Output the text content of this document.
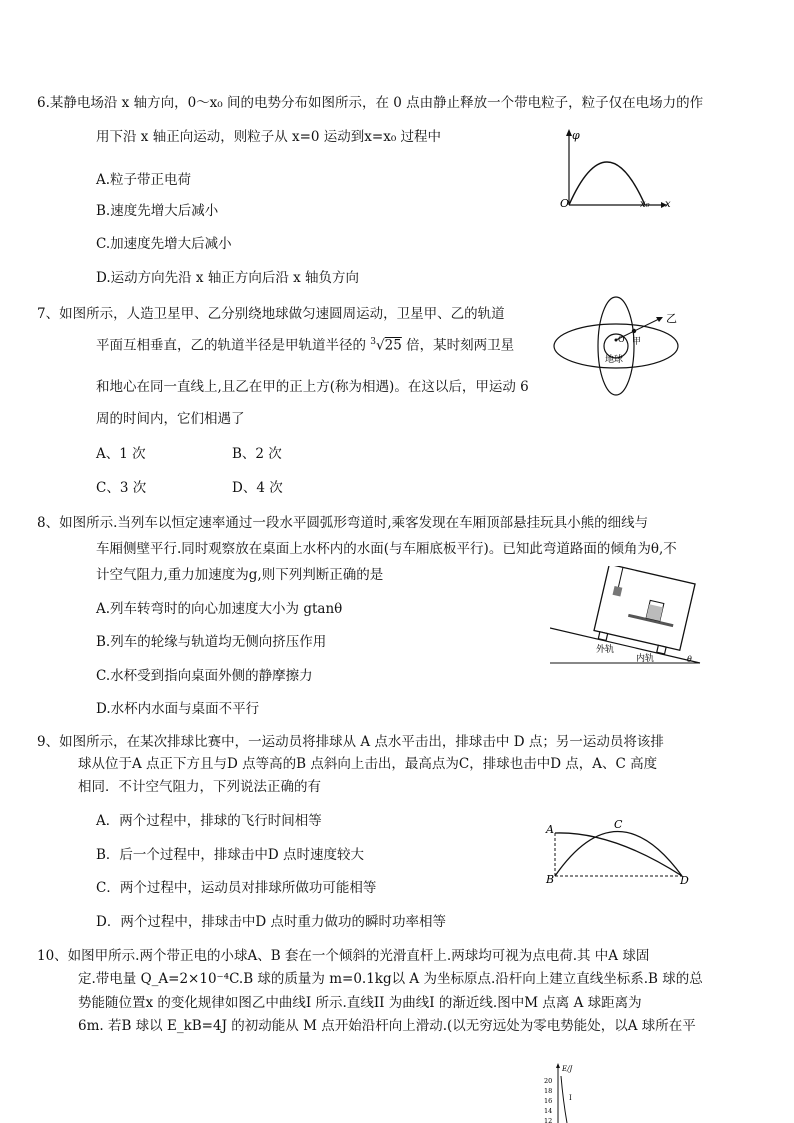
6.某静电场沿 x 轴方向，0～x₀ 间的电势分布如图所示，在 0 点由静止释放一个带电粒子，粒子仅在电场力的作
用下沿 x 轴正向运动，则粒子从 x=0 运动到x=x₀ 过程中
A.粒子带正电荷
B.速度先增大后减小
C.加速度先增大后减小
D.运动方向先沿 x 轴正方向后沿 x 轴负方向
φ
O	x₀ x
7、如图所示，人造卫星甲、乙分别绕地球做匀速圆周运动，卫星甲、乙的轨道
平面互相垂直，乙的轨道半径是甲轨道半径的 $^3$√25 倍，某时刻两卫星
和地心在同一直线上,且乙在甲的正上方(称为相遇)。在这以后，甲运动 6
周的时间内，它们相遇了
A、1 次	B、2 次
C、3 次	D、4 次
乙
甲
O
地球
8、如图所示.当列车以恒定速率通过一段水平圆弧形弯道时,乘客发现在车厢顶部悬挂玩具小熊的细线与
车厢侧壁平行.同时观察放在桌面上水杯内的水面(与车厢底板平行)。已知此弯道路面的倾角为θ,不
计空气阻力,重力加速度为g,则下列判断正确的是
A.列车转弯时的向心加速度大小为 gtanθ
B.列车的轮缘与轨道均无侧向挤压作用
C.水杯受到指向桌面外侧的静摩擦力
D.水杯内水面与桌面不平行
外轨
内轨	θ
9、如图所示，在某次排球比赛中，一运动员将排球从 A 点水平击出，排球击中 D 点；另一运动员将该排
球从位于A 点正下方且与D 点等高的B 点斜向上击出，最高点为C，排球也击中D 点，A、C 高度
相同．不计空气阻力，下列说法正确的有
A．两个过程中，排球的飞行时间相等
B．后一个过程中，排球击中D 点时速度较大
C．两个过程中，运动员对排球所做功可能相等
D．两个过程中，排球击中D 点时重力做功的瞬时功率相等
A
B
C
D
10、如图甲所示.两个带正电的小球A、B 套在一个倾斜的光滑直杆上.两球均可视为点电荷.其 中A 球固
定.带电量 Q_A=2×10⁻⁴C.B 球的质量为 m=0.1kg以 A 为坐标原点.沿杆向上建立直线坐标系.B 球的总
势能随位置x 的变化规律如图乙中曲线I 所示.直线II 为曲线I 的渐近线.图中M 点离 A 球距离为
6m. 若B 球以 E_kB=4J 的初动能从 M 点开始沿杆向上滑动.(以无穷远处为零电势能处，以A 球所在平
E/J
20
18
16
14
12
I
